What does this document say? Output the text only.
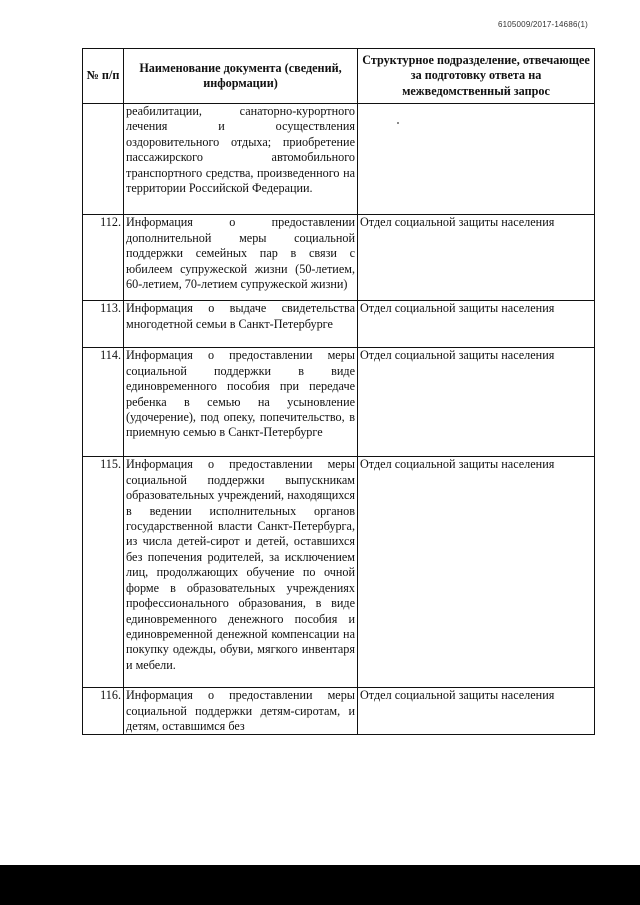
6105009/2017-14686(1)
№ п/п	Наименование документа (сведений, информации)	Структурное подразделение, отвечающее за подготовку ответа на межведомственный запрос
	реабилитации, санаторно-курортного лечения и осуществления оздоровительного отдыха; приобретение пассажирского автомобильного транспортного средства, произведенного на территории Российской Федерации.	
112.	Информация о предоставлении дополнительной меры социальной поддержки семейных пар в связи с юбилеем супружеской жизни (50-летием, 60-летием, 70-летием супружеской жизни)	Отдел социальной защиты населения
113.	Информация о выдаче свидетельства многодетной семьи в Санкт-Петербурге	Отдел социальной защиты населения
114.	Информация о предоставлении меры социальной поддержки в виде единовременного пособия при передаче ребенка в семью на усыновление (удочерение), под опеку, попечительство, в приемную семью в Санкт-Петербурге	Отдел социальной защиты населения
115.	Информация о предоставлении меры социальной поддержки выпускникам образовательных учреждений, находящихся в ведении исполнительных органов государственной власти Санкт-Петербурга, из числа детей-сирот и детей, оставшихся без попечения родителей, за исключением лиц, продолжающих обучение по очной форме в образовательных учреждениях профессионального образования, в виде единовременного денежного пособия и единовременной денежной компенсации на покупку одежды, обуви, мягкого инвентаря и мебели.	Отдел социальной защиты населения
116.	Информация о предоставлении меры социальной поддержки детям-сиротам, и детям, оставшимся без	Отдел социальной защиты населения
